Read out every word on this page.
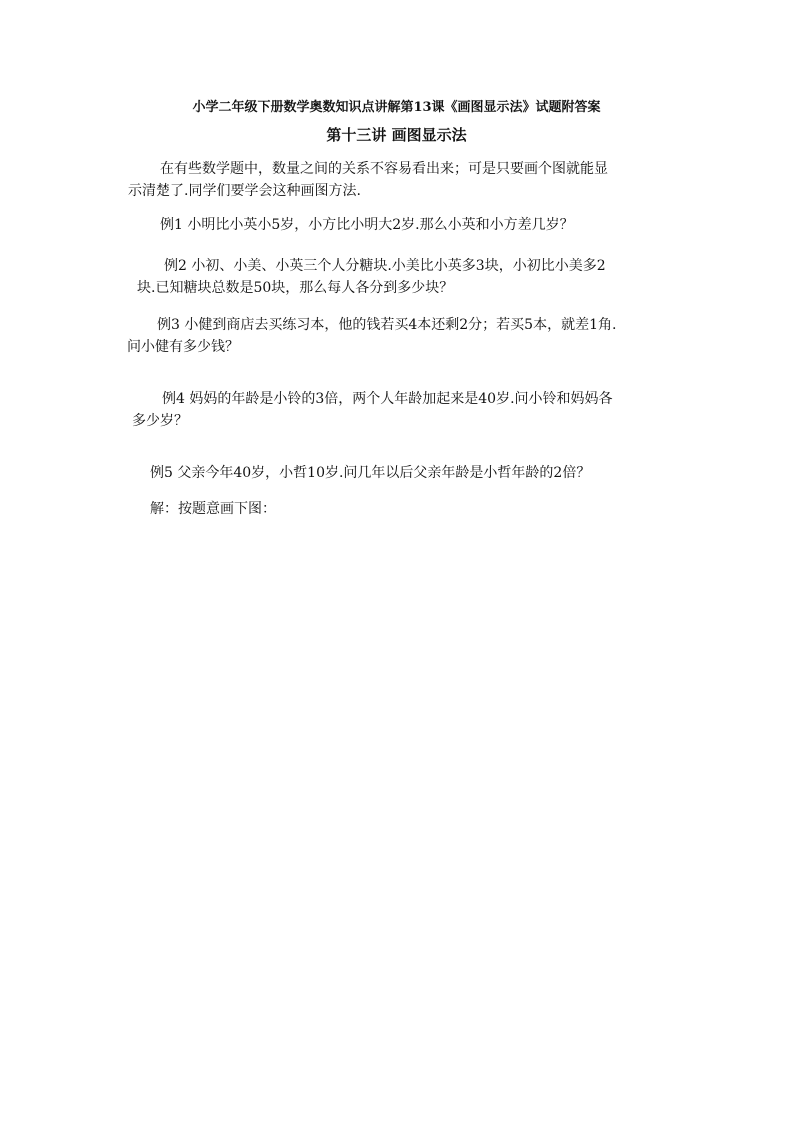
小学二年级下册数学奥数知识点讲解第13课《画图显示法》试题附答案
第十三讲 画图显示法
在有些数学题中，数量之间的关系不容易看出来；可是只要画个图就能显
示清楚了.同学们要学会这种画图方法.
例1 小明比小英小5岁，小方比小明大2岁.那么小英和小方差几岁？
例2 小初、小美、小英三个人分糖块.小美比小英多3块，小初比小美多2
块.已知糖块总数是50块，那么每人各分到多少块？
例3 小健到商店去买练习本，他的钱若买4本还剩2分；若买5本，就差1角.
问小健有多少钱？
例4 妈妈的年龄是小铃的3倍，两个人年龄加起来是40岁.问小铃和妈妈各
多少岁？
例5 父亲今年40岁，小哲10岁.问几年以后父亲年龄是小哲年龄的2倍？
解：按题意画下图：
